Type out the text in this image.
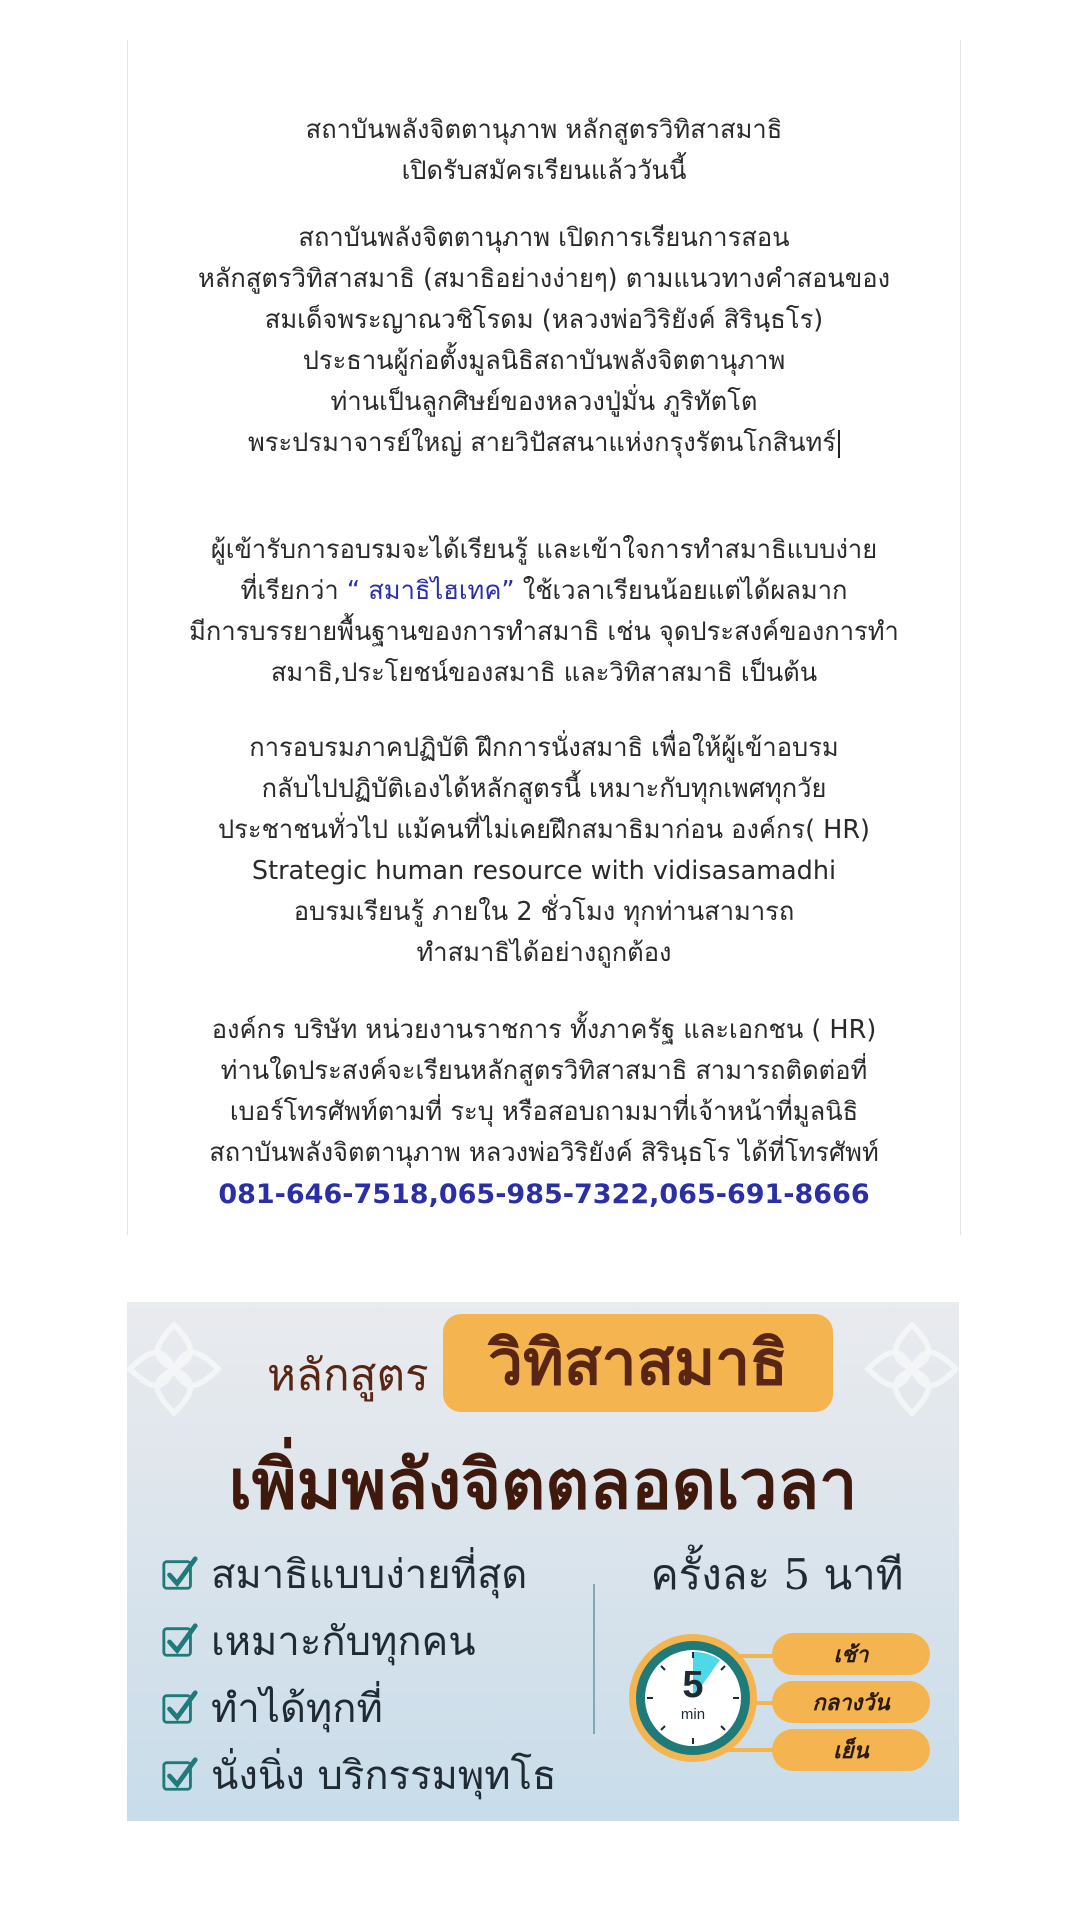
สถาบันพลังจิตตานุภาพ หลักสูตรวิทิสาสมาธิ
เปิดรับสมัครเรียนแล้ววันนี้
สถาบันพลังจิตตานุภาพ เปิดการเรียนการสอน
หลักสูตรวิทิสาสมาธิ (สมาธิอย่างง่ายๆ) ตามแนวทางคำสอนของ
สมเด็จพระญาณวชิโรดม (หลวงพ่อวิริยังค์ สิรินฺธโร)
ประธานผู้ก่อตั้งมูลนิธิสถาบันพลังจิตตานุภาพ
ท่านเป็นลูกศิษย์ของหลวงปู่มั่น ภูริทัตโต
พระปรมาจารย์ใหญ่ สายวิปัสสนาแห่งกรุงรัตนโกสินทร์
ผู้เข้ารับการอบรมจะได้เรียนรู้ และเข้าใจการทำสมาธิแบบง่าย
ที่เรียกว่า “ สมาธิไฮเทค” ใช้เวลาเรียนน้อยแต่ได้ผลมาก
มีการบรรยายพื้นฐานของการทำสมาธิ เช่น จุดประสงค์ของการทำ
สมาธิ,ประโยชน์ของสมาธิ และวิทิสาสมาธิ เป็นต้น
การอบรมภาคปฏิบัติ ฝึกการนั่งสมาธิ เพื่อให้ผู้เข้าอบรม
กลับไปปฏิบัติเองได้หลักสูตรนี้ เหมาะกับทุกเพศทุกวัย
ประชาชนทั่วไป แม้คนที่ไม่เคยฝึกสมาธิมาก่อน องค์กร( HR)
Strategic human resource with vidisasamadhi
อบรมเรียนรู้ ภายใน 2 ชั่วโมง ทุกท่านสามารถ
ทำสมาธิได้อย่างถูกต้อง
องค์กร บริษัท หน่วยงานราชการ ทั้งภาครัฐ และเอกชน ( HR)
ท่านใดประสงค์จะเรียนหลักสูตรวิทิสาสมาธิ สามารถติดต่อที่
เบอร์โทรศัพท์ตามที่ ระบุ หรือสอบถามมาที่เจ้าหน้าที่มูลนิธิ
สถาบันพลังจิตตานุภาพ หลวงพ่อวิริยังค์ สิรินฺธโร ได้ที่โทรศัพท์
081-646-7518,065-985-7322,065-691-8666
หลักสูตร วิทิสาสมาธิ
เพิ่มพลังจิตตลอดเวลา
สมาธิแบบง่ายที่สุด
เหมาะกับทุกคน
ทำได้ทุกที่
นั่งนิ่ง บริกรรมพุทโธ
ครั้งละ 5 นาที
5
min
เช้า
กลางวัน
เย็น
